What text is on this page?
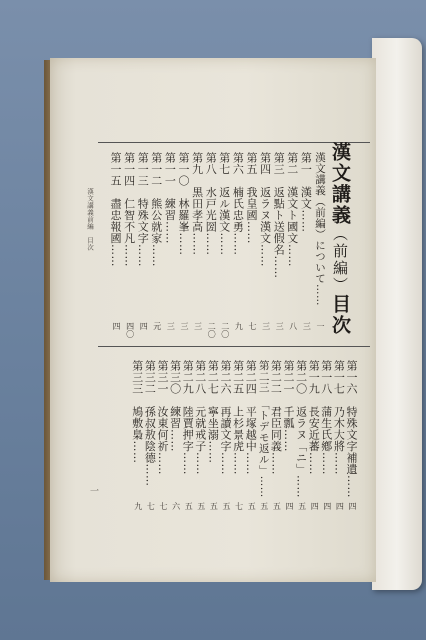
漢文講義（前編）目次
漢文講義前編　目次	漢文講義（前編）について……
一
第一　漢文……
三
第二　漢文ト國文……
八
第三　返點ト送假名……
三
第四　返ラヌ漢文……
三
第五　我皇國……
七
第六　楠氏忠勇……
九
第七　返ル漢文……
二〇
第八　水戸光圀……
二〇
第九　黒田孝高……
三
第一〇　林羅峯……
三
第一一　練習……
三
第一二　熊公就家……
元
第一三　特殊文字……
四
第一四　仁智不凡……
四〇
第一五　盡忠報國……
四
第一六　特殊文字補遺……
四
第一七　乃木大將……
四
第一八　蒲生氏鄕……
四
第一九　長安近蕃……
四
第二〇　返ラヌ「ニ」……
五
第二一　千瓢……
四
第二二　君臣同義……
五
第二三　「トデモ返ル」……
五
第二四　平塚越中……
五
第二五　上杉景虎……
七
第二六　再讀文字……
五
第二七　寧坐溺……
五
第二八　元就戒子……
五
第二九　陸賈押字……
五
第三〇　練習……
六
第三一　汝東何祈……
七
第三二　孫叔敖陰德……
七
第三三　鳩敷梟……
九
一
